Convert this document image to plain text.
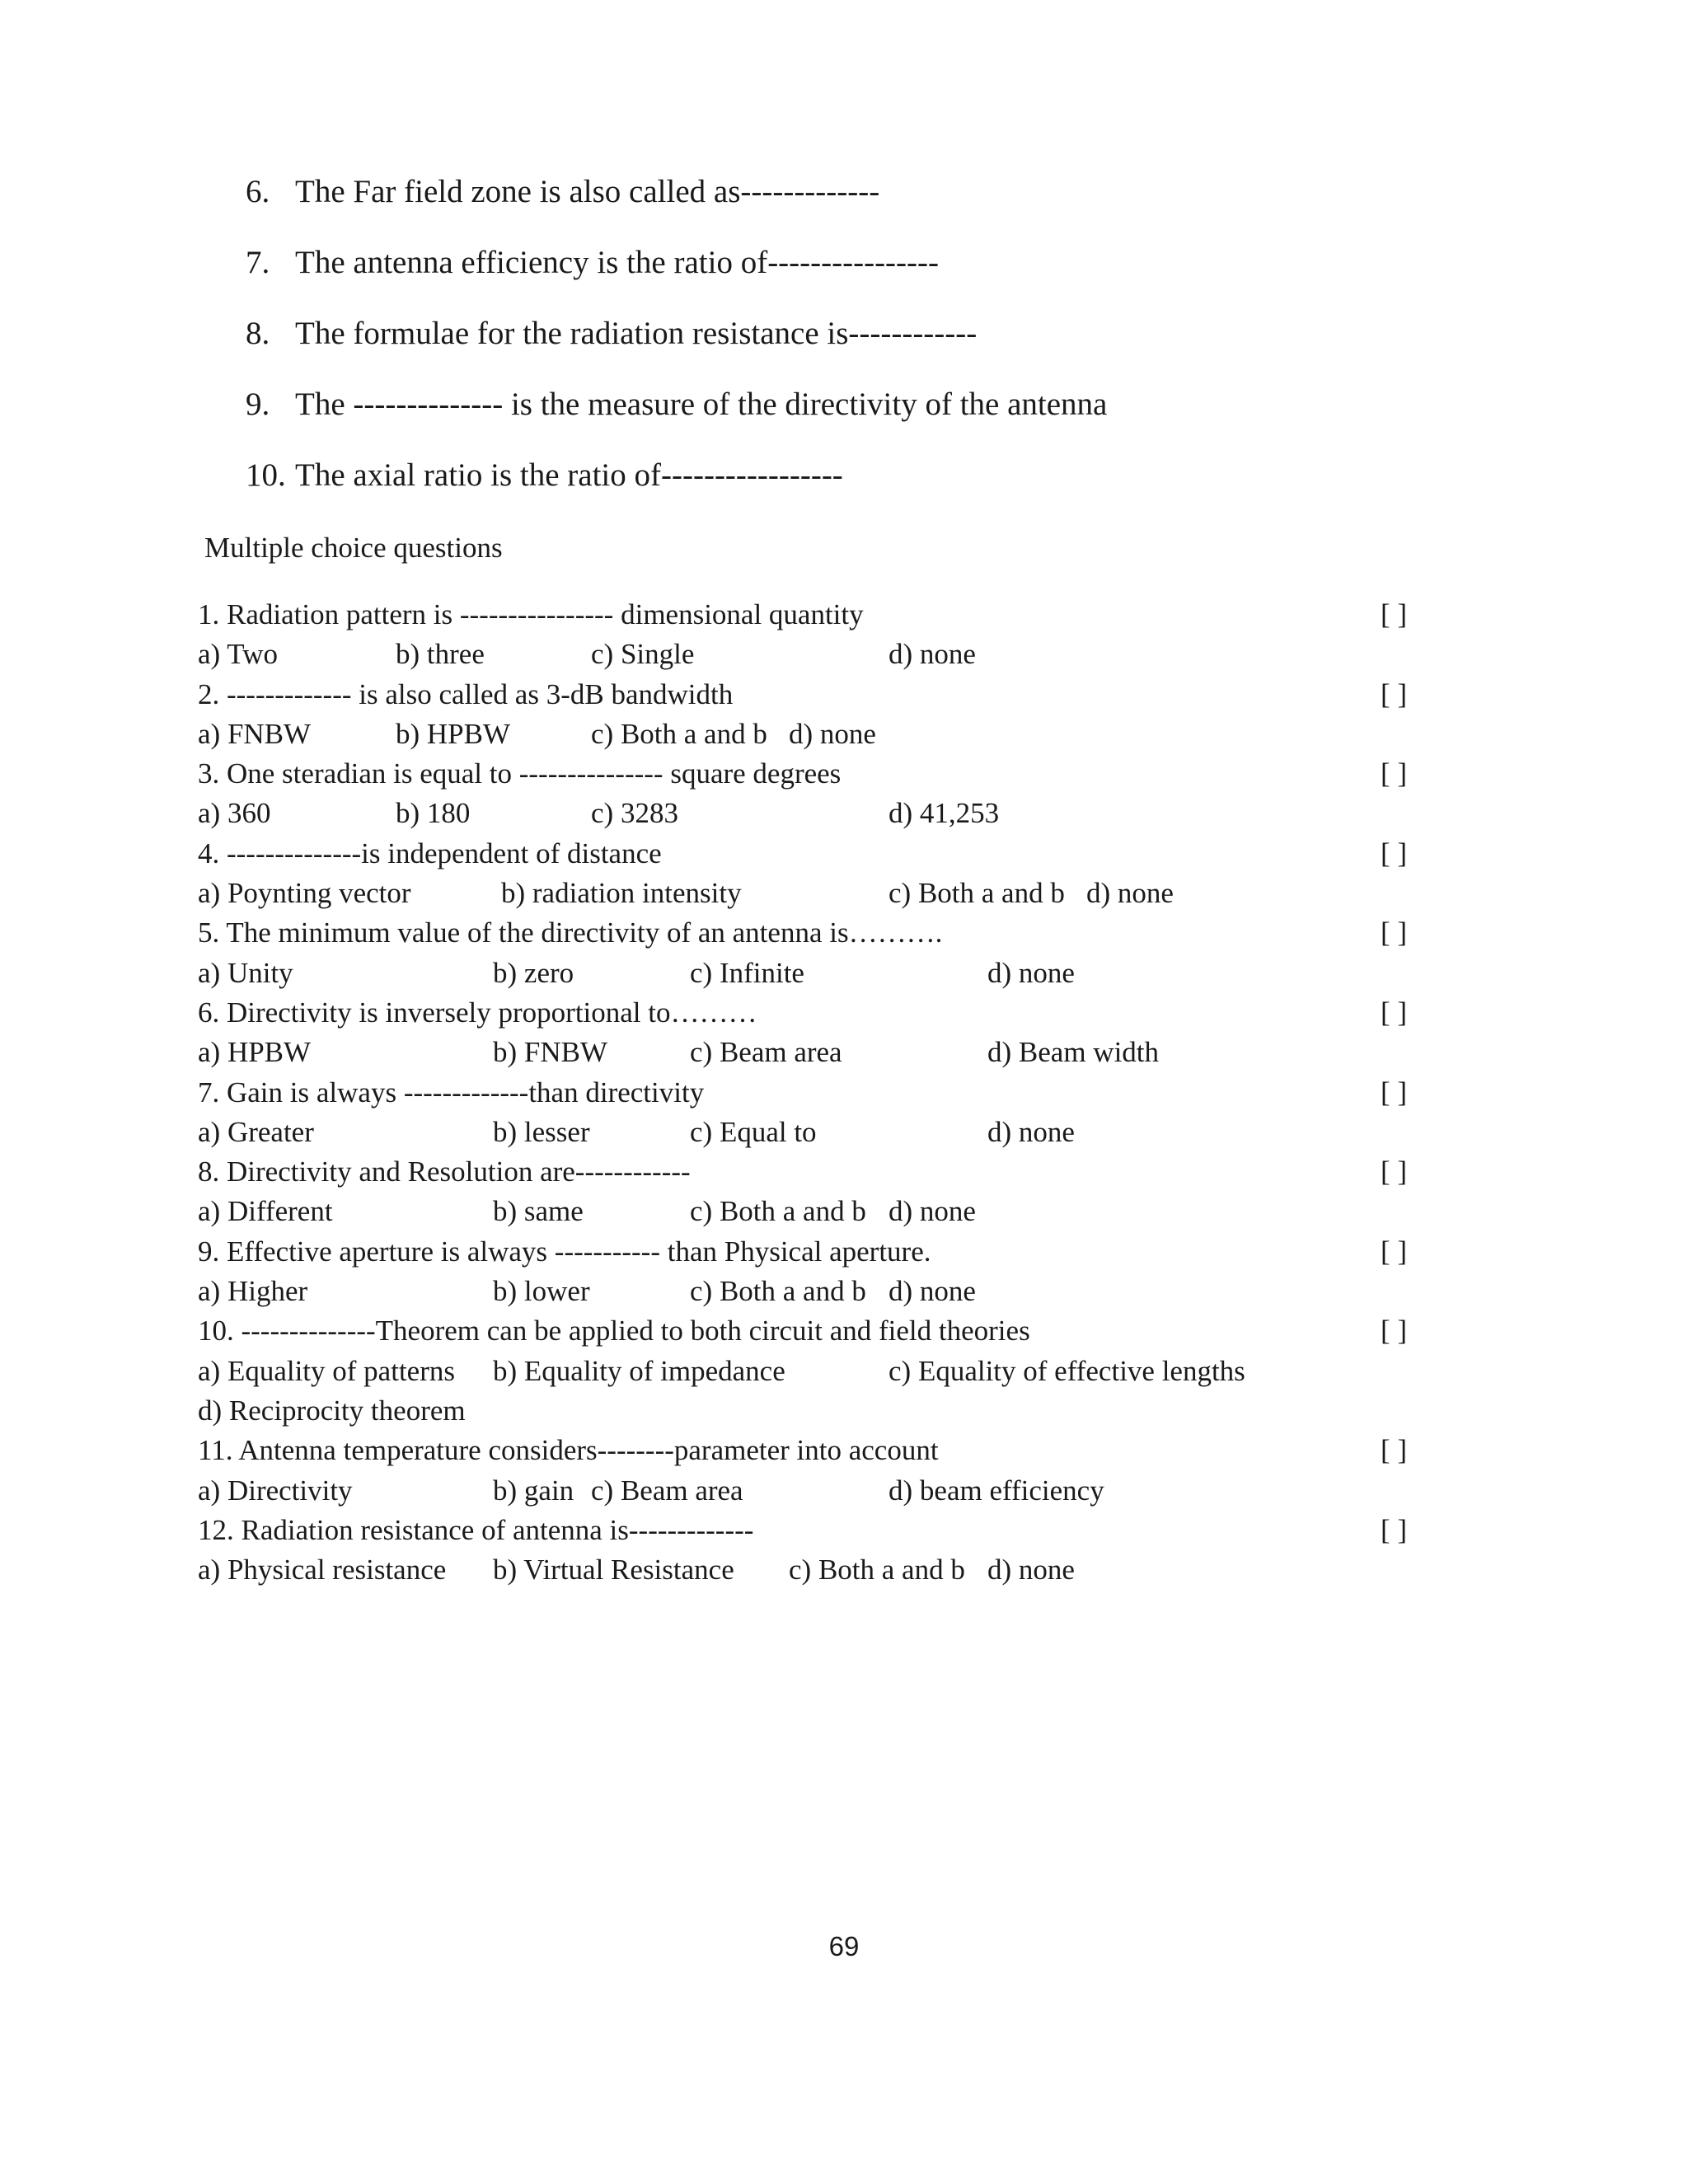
6. The Far field zone is also called as-------------
7. The antenna efficiency is the ratio of----------------
8. The formulae for the radiation resistance is------------
9. The -------------- is the measure of the directivity of the antenna
10. The axial ratio is the ratio of-----------------
Multiple choice questions
1. Radiation pattern is ---------------- dimensional quantity	[ ]
a) Two	b) three	c) Single	d) none
2. ------------- is also called as 3-dB bandwidth	[ ]
a) FNBW	b) HPBW	c) Both a and b d) none
3. One steradian is equal to --------------- square degrees	[ ]
a) 360	b) 180	c) 3283	d) 41,253
4. --------------is independent of distance	[ ]
a) Poynting vector	b) radiation intensity	c) Both a and b d) none
5. The minimum value of the directivity of an antenna is……….	[ ]
a) Unity	b) zero	c) Infinite	d) none
6. Directivity is inversely proportional to………	[ ]
a) HPBW	b) FNBW	c) Beam area	d) Beam width
7. Gain is always -------------than directivity	[ ]
a) Greater	b) lesser	c) Equal to	d) none
8. Directivity and Resolution are------------	[ ]
a) Different	b) same	c) Both a and b d) none
9. Effective aperture is always ----------- than Physical aperture.	[ ]
a) Higher	b) lower	c) Both a and b d) none
10. --------------Theorem can be applied to both circuit and field theories	[ ]
a) Equality of patterns b) Equality of impedance	c) Equality of effective lengths
d) Reciprocity theorem
11. Antenna temperature considers--------parameter into account	[ ]
a) Directivity	b) gain c) Beam area	d) beam efficiency
12. Radiation resistance of antenna is-------------	[ ]
a) Physical resistance b) Virtual Resistance c) Both a and b d) none
69
